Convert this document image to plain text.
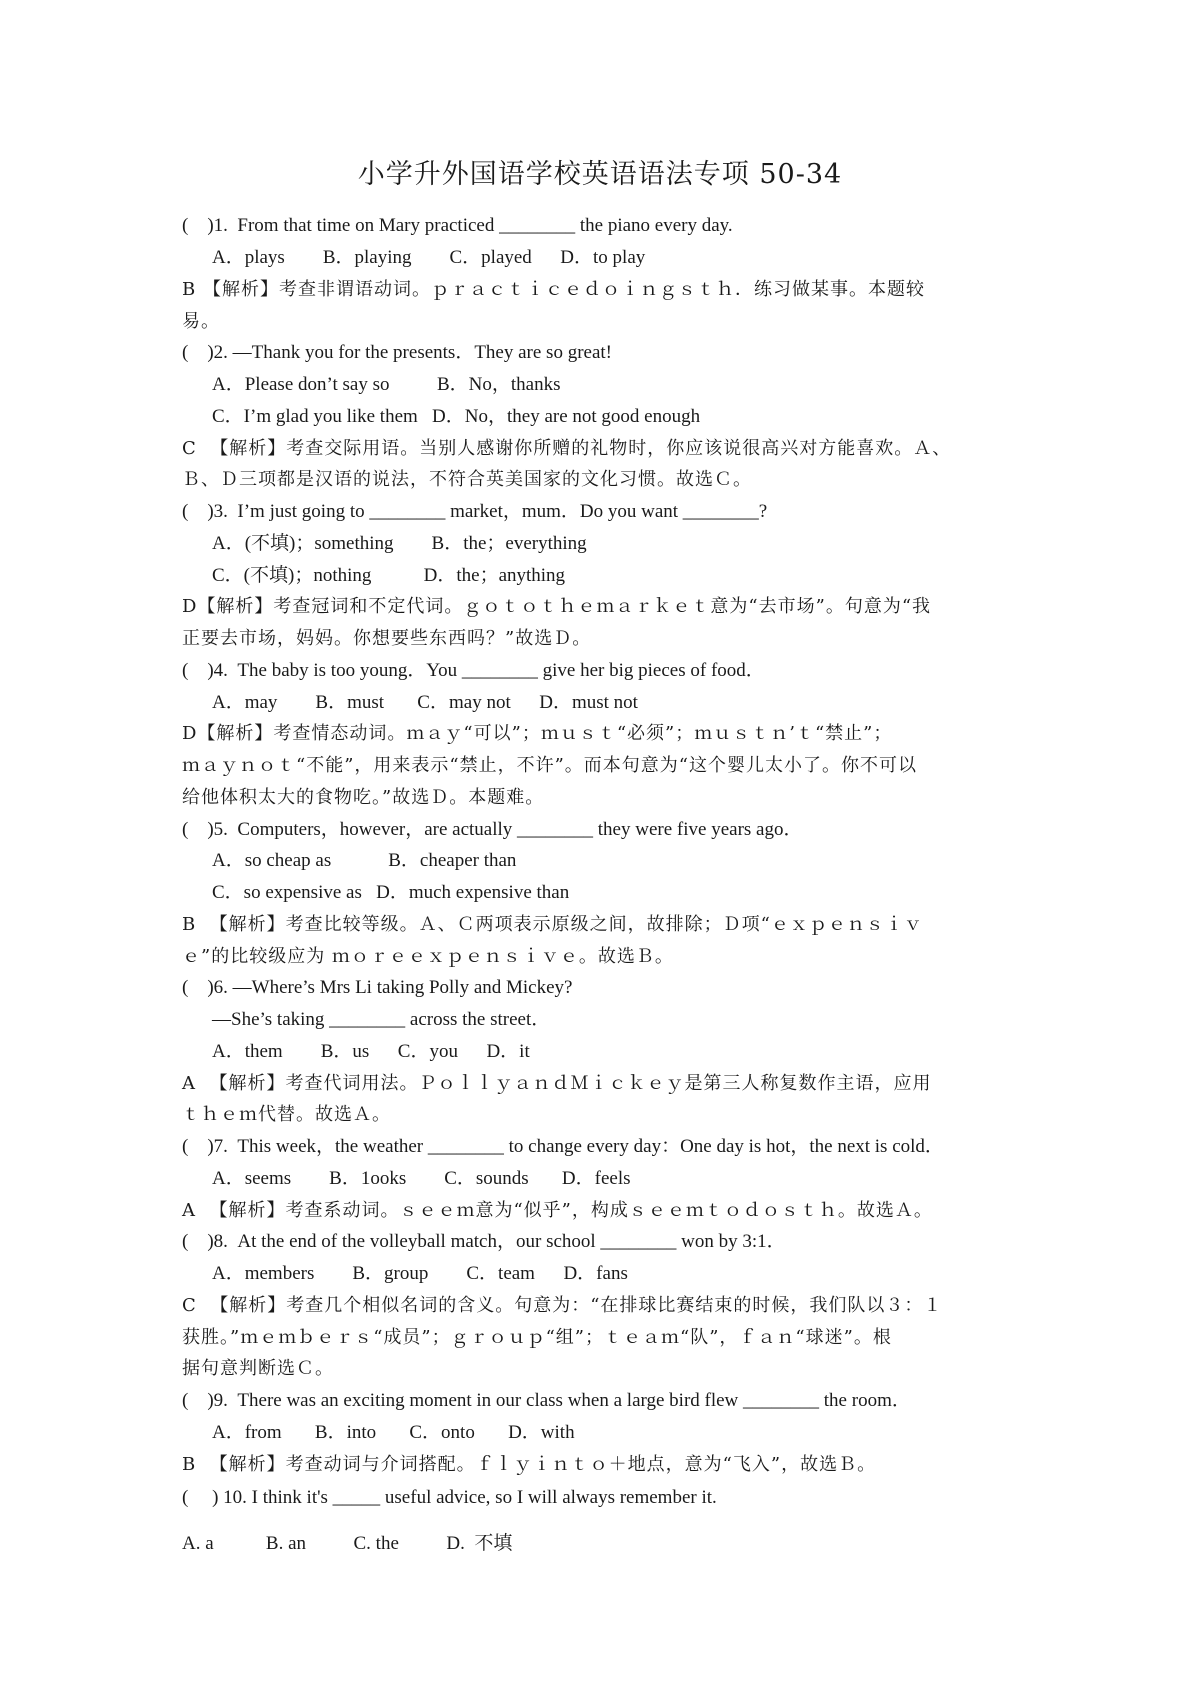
小学升外国语学校英语语法专项 50-34
(    )1.  From that time on Mary practiced ________ the piano every day.
A．plays        B．playing        C．played      D．to play
B 【解析】考查非谓语动词。ｐｒａｃｔｉｃｅｄｏｉｎｇｓｔｈ．练习做某事。本题较
易。
(    )2. —Thank you for the presents．They are so great!
A．Please don’t say so          B．No，thanks
C．I’m glad you like them   D．No，they are not good enough
C  【解析】考查交际用语。当别人感谢你所赠的礼物时，你应该说很高兴对方能喜欢。Ａ、
Ｂ、Ｄ三项都是汉语的说法，不符合英美国家的文化习惯。故选Ｃ。
(    )3.  I’m just going to ________ market，mum．Do you want ________?
A．(不填)；something        B．the；everything
C．(不填)；nothing           D．the；anything
D【解析】考查冠词和不定代词。ｇｏｔｏｔｈｅｍａｒｋｅｔ意为“去市场”。句意为“我
正要去市场，妈妈。你想要些东西吗？”故选Ｄ。
(    )4.  The baby is too young．You ________ give her big pieces of food．
A．may        B．must       C．may not      D．must not
D【解析】考查情态动词。ｍａｙ“可以”；ｍｕｓｔ“必须”；ｍｕｓｔｎ’ｔ“禁止”；
ｍａｙｎｏｔ“不能”，用来表示“禁止，不许”。而本句意为“这个婴儿太小了。你不可以
给他体积太大的食物吃。”故选Ｄ。本题难。
(    )5.  Computers，however，are actually ________ they were five years ago．
A．so cheap as            B．cheaper than
C．so expensive as   D．much expensive than
B  【解析】考查比较等级。Ａ、Ｃ两项表示原级之间，故排除；Ｄ项“ｅｘｐｅｎｓｉｖ
ｅ”的比较级应为 ｍｏｒｅｅｘｐｅｎｓｉｖｅ。故选Ｂ。
(    )6. —Where’s Mrs Li taking Polly and Mickey?
—She’s taking ________ across the street．
A．them        B．us      C．you      D．it
A  【解析】考查代词用法。ＰｏｌｌｙａｎｄＭｉｃｋｅｙ是第三人称复数作主语，应用
ｔｈｅｍ代替。故选Ａ。
(    )7.  This week，the weather ________ to change every day：One day is hot，the next is cold．
A．seems        B．1ooks        C．sounds       D．feels
A  【解析】考查系动词。ｓｅｅｍ意为“似乎”，构成ｓｅｅｍｔｏｄｏｓｔｈ。故选Ａ。
(    )8.  At the end of the volleyball match，our school ________ won by 3:1．
A．members        B．group        C．team      D．fans
C  【解析】考查几个相似名词的含义。句意为：“在排球比赛结束的时候，我们队以３：１
获胜。”ｍｅｍｂｅｒｓ“成员”；ｇｒｏｕｐ“组”；ｔｅａｍ“队”，ｆａｎ“球迷”。根
据句意判断选Ｃ。
(    )9.  There was an exciting moment in our class when a large bird flew ________ the room．
A．from       B．into       C．onto       D．with
B  【解析】考查动词与介词搭配。ｆｌｙｉｎｔｏ＋地点，意为“飞入”，故选Ｂ。
(     ) 10. I think it's _____ useful advice, so I will always remember it.
A. a           B. an          C. the          D.  不填
